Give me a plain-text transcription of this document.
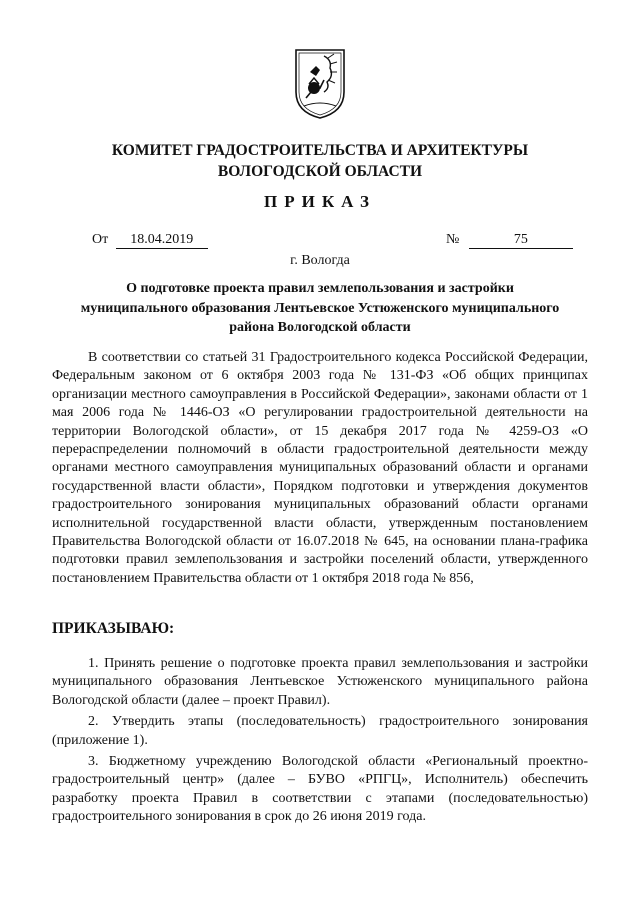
КОМИТЕТ ГРАДОСТРОИТЕЛЬСТВА И АРХИТЕКТУРЫ
ВОЛОГОДСКОЙ ОБЛАСТИ
ПРИКАЗ
От 18.04.2019	№	75
г. Вологда
О подготовке проекта правил землепользования и застройки
муниципального образования Лентьевское Устюженского муниципального
района Вологодской области

В соответствии со статьей 31 Градостроительного кодекса Российской Федерации, Федеральным законом от 6 октября 2003 года № 131-ФЗ «Об общих принципах организации местного самоуправления в Российской Федерации», законами области от 1 мая 2006 года № 1446-ОЗ «О регулировании градостроительной деятельности на территории Вологодской области», от 15 декабря 2017 года № 4259-ОЗ «О перераспределении полномочий в области градостроительной деятельности между органами местного самоуправления муниципальных образований области и органами государственной власти области», Порядком подготовки и утверждения документов градостроительного зонирования муниципальных образований области органами исполнительной государственной власти области, утвержденным постановлением Правительства Вологодской области от 16.07.2018 № 645, на основании плана-графика подготовки правил землепользования и застройки поселений области, утвержденного постановлением Правительства области от 1 октября 2018 года № 856,

ПРИКАЗЫВАЮ:

1. Принять решение о подготовке проекта правил землепользования и застройки муниципального образования Лентьевское Устюженского муниципального района Вологодской области (далее – проект Правил).

2. Утвердить этапы (последовательность) градостроительного зонирования (приложение 1).

3. Бюджетному учреждению Вологодской области «Региональный проектно-градостроительный центр» (далее – БУВО «РПГЦ», Исполнитель) обеспечить разработку проекта Правил в соответствии с этапами (последовательностью) градостроительного зонирования в срок до 26 июня 2019 года.
